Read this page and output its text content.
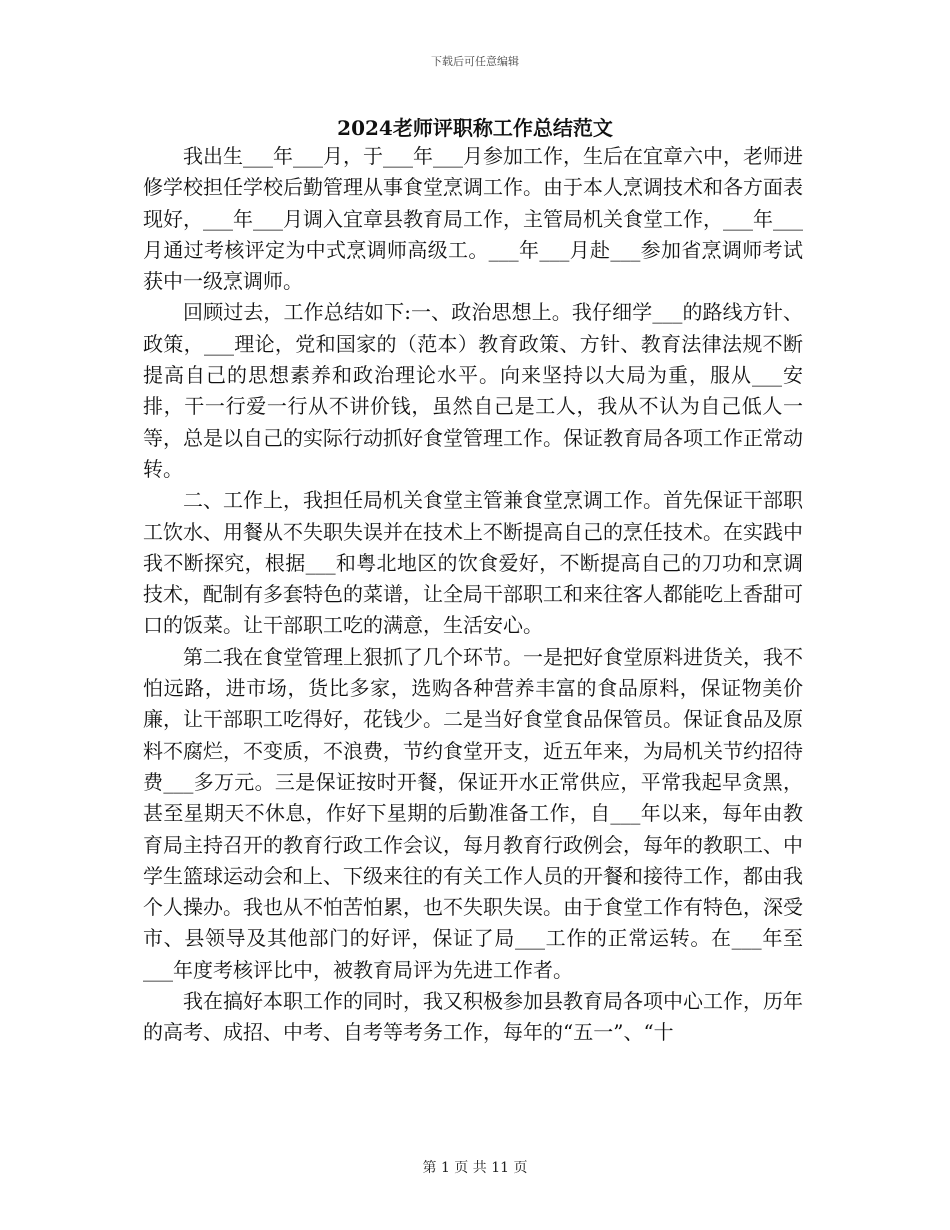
下载后可任意编辑
2024老师评职称工作总结范文

我出生___年___月，于___年___月参加工作，生后在宜章六中，老师进修学校担任学校后勤管理从事食堂烹调工作。由于本人烹调技术和各方面表现好，___年___月调入宜章县教育局工作，主管局机关食堂工作，___年___月通过考核评定为中式烹调师高级工。___年___月赴___参加省烹调师考试获中一级烹调师。

回顾过去，工作总结如下:一、政治思想上。我仔细学___的路线方针、政策，___理论，党和国家的（范本）教育政策、方针、教育法律法规不断提高自己的思想素养和政治理论水平。向来坚持以大局为重，服从___安排，干一行爱一行从不讲价钱，虽然自己是工人，我从不认为自己低人一等，总是以自己的实际行动抓好食堂管理工作。保证教育局各项工作正常动转。

二、工作上，我担任局机关食堂主管兼食堂烹调工作。首先保证干部职工饮水、用餐从不失职失误并在技术上不断提高自己的烹任技术。在实践中我不断探究，根据___和粤北地区的饮食爱好，不断提高自己的刀功和烹调技术，配制有多套特色的菜谱，让全局干部职工和来往客人都能吃上香甜可口的饭菜。让干部职工吃的满意，生活安心。

第二我在食堂管理上狠抓了几个环节。一是把好食堂原料进货关，我不怕远路，进市场，货比多家，选购各种营养丰富的食品原料，保证物美价廉，让干部职工吃得好，花钱少。二是当好食堂食品保管员。保证食品及原料不腐烂，不变质，不浪费，节约食堂开支，近五年来，为局机关节约招待费___多万元。三是保证按时开餐，保证开水正常供应，平常我起早贪黑，甚至星期天不休息，作好下星期的后勤准备工作，自___年以来，每年由教育局主持召开的教育行政工作会议，每月教育行政例会，每年的教职工、中学生篮球运动会和上、下级来往的有关工作人员的开餐和接待工作，都由我个人操办。我也从不怕苦怕累，也不失职失误。由于食堂工作有特色，深受市、县领导及其他部门的好评，保证了局___工作的正常运转。在___年至___年度考核评比中，被教育局评为先进工作者。

我在搞好本职工作的同时，我又积极参加县教育局各项中心工作，历年的高考、成招、中考、自考等考务工作，每年的“五一”、“十

第 1 页 共 11 页
